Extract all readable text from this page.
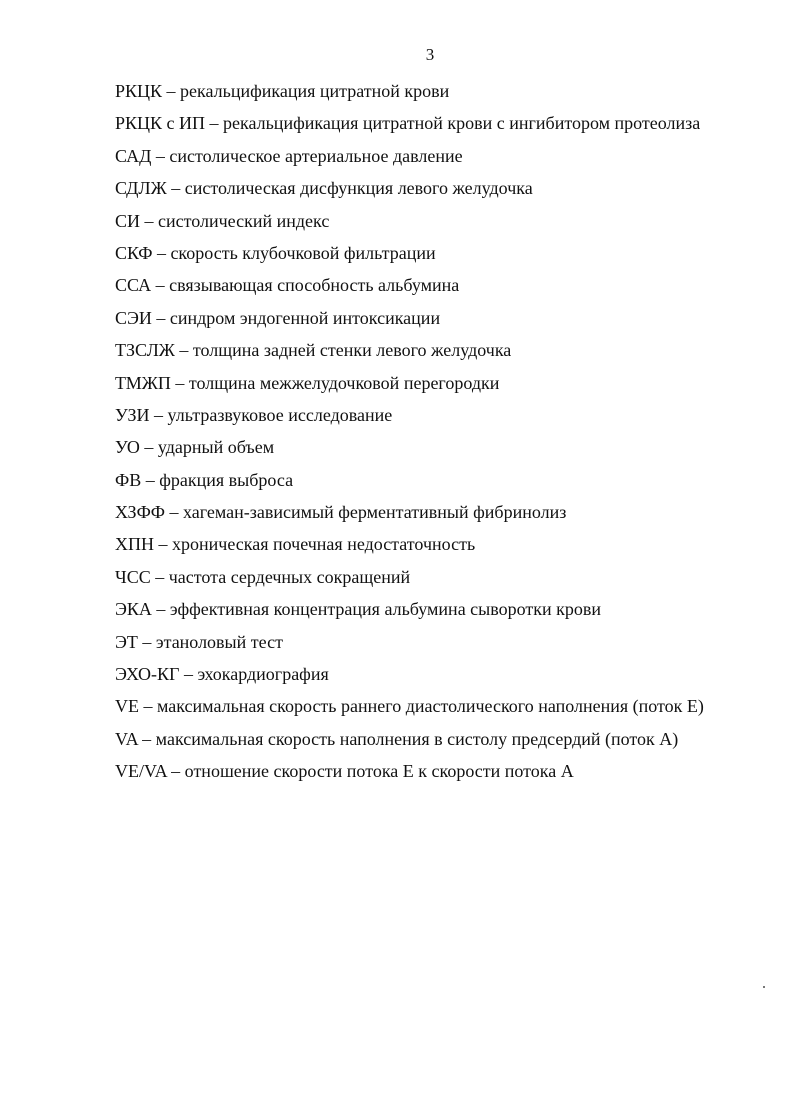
3
РКЦК – рекальцификация цитратной крови
РКЦК с ИП – рекальцификация цитратной крови с ингибитором протеолиза
САД – систолическое артериальное давление
СДЛЖ – систолическая дисфункция левого желудочка
СИ – систолический индекс
СКФ – скорость клубочковой фильтрации
ССА – связывающая способность альбумина
СЭИ – синдром эндогенной интоксикации
ТЗСЛЖ – толщина задней стенки левого желудочка
ТМЖП – толщина межжелудочковой перегородки
УЗИ – ультразвуковое исследование
УО – ударный объем
ФВ – фракция выброса
ХЗФФ – хагеман-зависимый ферментативный фибринолиз
ХПН – хроническая почечная недостаточность
ЧСС – частота сердечных сокращений
ЭКА – эффективная концентрация альбумина сыворотки крови
ЭТ – этаноловый тест
ЭХО-КГ – эхокардиография
VE – максимальная скорость раннего диастолического наполнения (поток Е)
VA – максимальная скорость наполнения в систолу предсердий (поток А)
VE/VA – отношение скорости потока Е к скорости потока А
